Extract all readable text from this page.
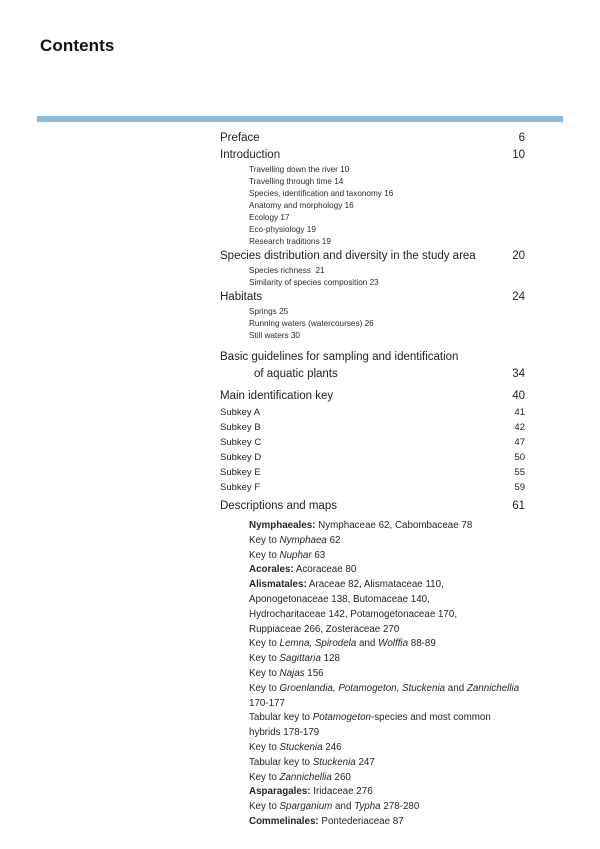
Contents
Preface	6
Introduction	10
Travelling down the river 10
Travelling through time 14
Species, identification and taxonomy 16
Anatomy and morphology 16
Ecology 17
Eco-physiology 19
Research traditions 19
Species distribution and diversity in the study area	20
Species richness  21
Similarity of species composition 23
Habitats	24
Springs 25
Running waters (watercourses) 26
Still waters 30
Basic guidelines for sampling and identification
of aquatic plants	34
Main identification key	40
Subkey A	41
Subkey B	42
Subkey C	47
Subkey D	50
Subkey E	55
Subkey F	59
Descriptions and maps	61
Nymphaeales: Nymphaceae 62, Cabombaceae 78
Key to Nymphaea 62
Key to Nuphar 63
Acorales: Acoraceae 80
Alismatales: Araceae 82, Alismataceae 110,
Aponogetonaceae 138, Butomaceae 140,
Hydrocharitaceae 142, Potamogetonaceae 170,
Ruppiaceae 266, Zosteraceae 270
Key to Lemna, Spirodela and Wolffia 88-89
Key to Sagittaria 128
Key to Najas 156
Key to Groenlandia, Potamogeton, Stuckenia and Zannichellia 170-177
Tabular key to Potamogeton-species and most common hybrids 178-179
Key to Stuckenia 246
Tabular key to Stuckenia 247
Key to Zannichellia 260
Asparagales: Iridaceae 276
Key to Sparganium and Typha 278-280
Commelinales: Pontederiaceae 87
